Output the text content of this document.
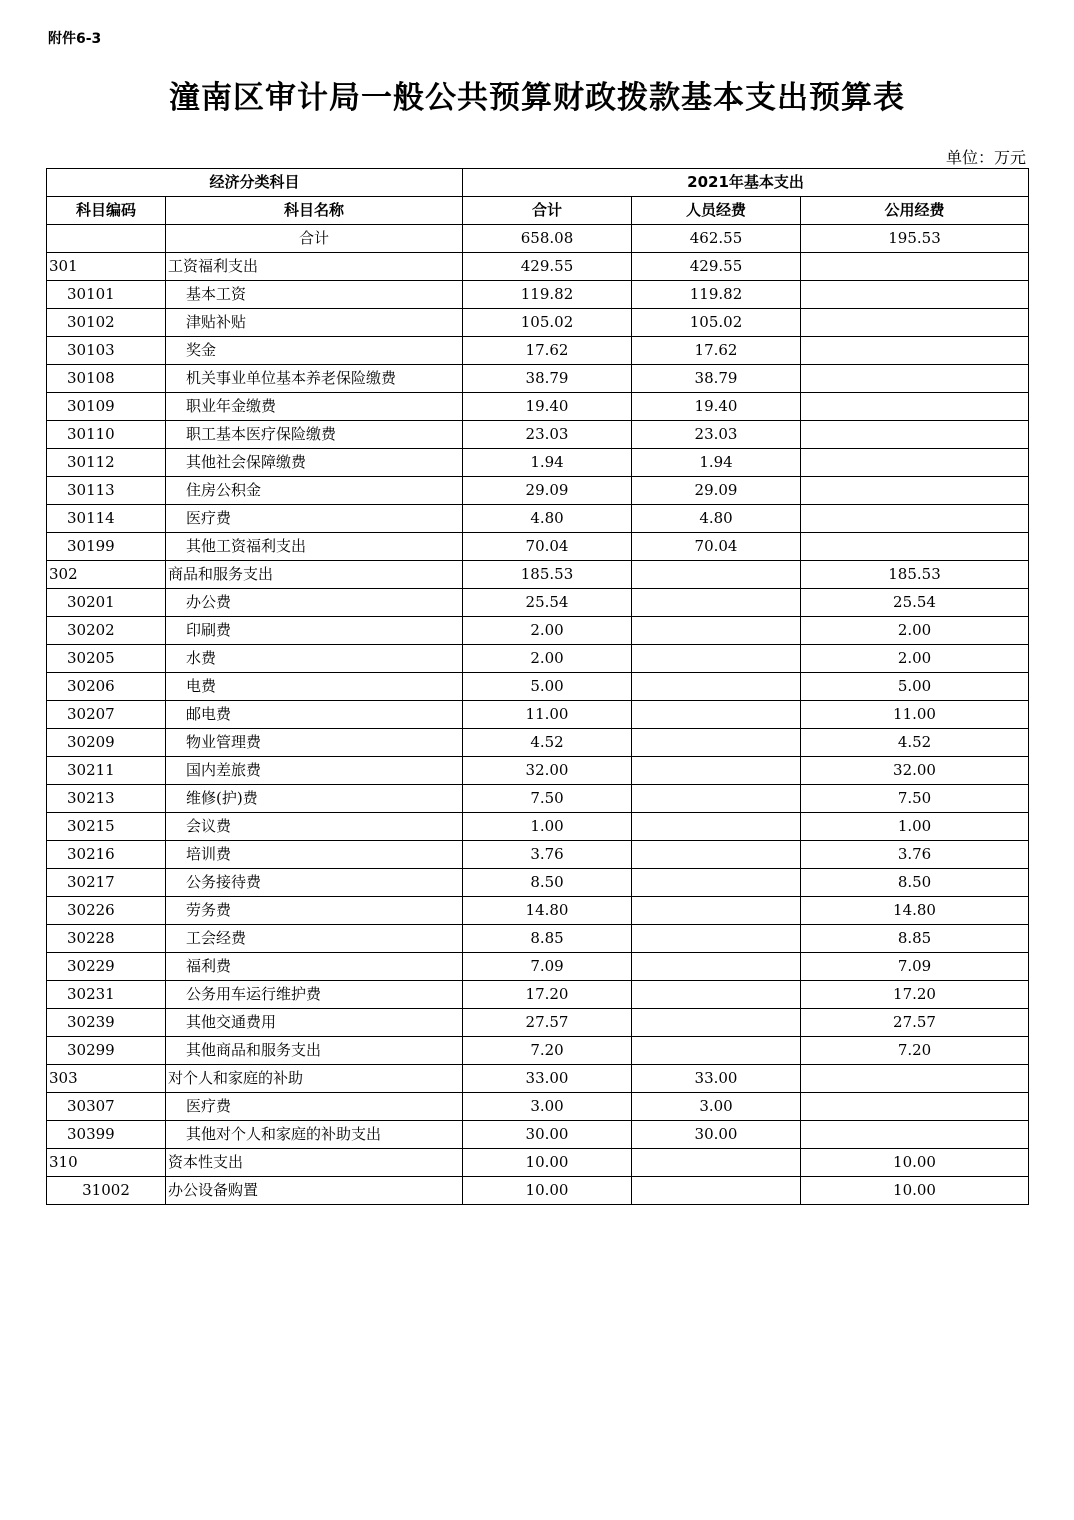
附件6-3
潼南区审计局一般公共预算财政拨款基本支出预算表
单位：万元
经济分类科目		2021年基本支出		
科目编码	科目名称	合计	人员经费	公用经费
	合计	658.08	462.55	195.53
301	工资福利支出	429.55	429.55	
30101	基本工资	119.82	119.82	
30102	津贴补贴	105.02	105.02	
30103	奖金	17.62	17.62	
30108	机关事业单位基本养老保险缴费	38.79	38.79	
30109	职业年金缴费	19.40	19.40	
30110	职工基本医疗保险缴费	23.03	23.03	
30112	其他社会保障缴费	1.94	1.94	
30113	住房公积金	29.09	29.09	
30114	医疗费	4.80	4.80	
30199	其他工资福利支出	70.04	70.04	
302	商品和服务支出	185.53		185.53
30201	办公费	25.54		25.54
30202	印刷费	2.00		2.00
30205	水费	2.00		2.00
30206	电费	5.00		5.00
30207	邮电费	11.00		11.00
30209	物业管理费	4.52		4.52
30211	国内差旅费	32.00		32.00
30213	维修(护)费	7.50		7.50
30215	会议费	1.00		1.00
30216	培训费	3.76		3.76
30217	公务接待费	8.50		8.50
30226	劳务费	14.80		14.80
30228	工会经费	8.85		8.85
30229	福利费	7.09		7.09
30231	公务用车运行维护费	17.20		17.20
30239	其他交通费用	27.57		27.57
30299	其他商品和服务支出	7.20		7.20
303	对个人和家庭的补助	33.00	33.00	
30307	医疗费	3.00	3.00	
30399	其他对个人和家庭的补助支出	30.00	30.00	
310	资本性支出	10.00		10.00
31002	办公设备购置	10.00		10.00
